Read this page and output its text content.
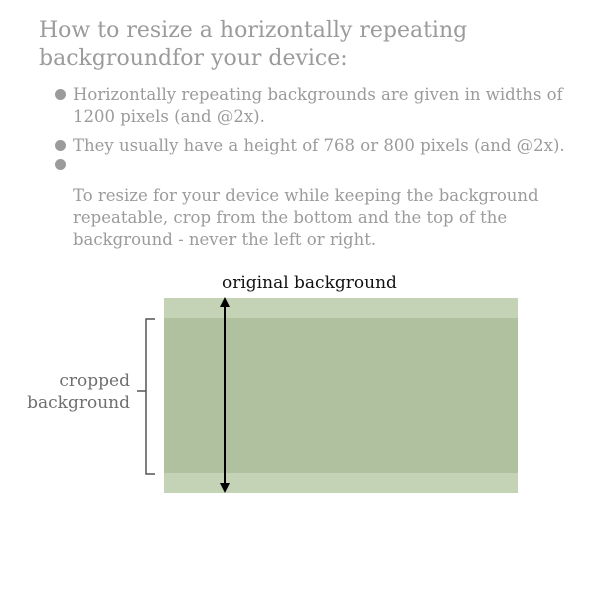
How to resize a horizontally repeating backgroundfor your device:
Horizontally repeating backgrounds are given in widths of 1200 pixels (and @2x).
They usually have a height of 768 or 800 pixels (and @2x).
To resize for your device while keeping the background repeatable, crop from the bottom and the top of the background - never the left or right.
original background
cropped
background
